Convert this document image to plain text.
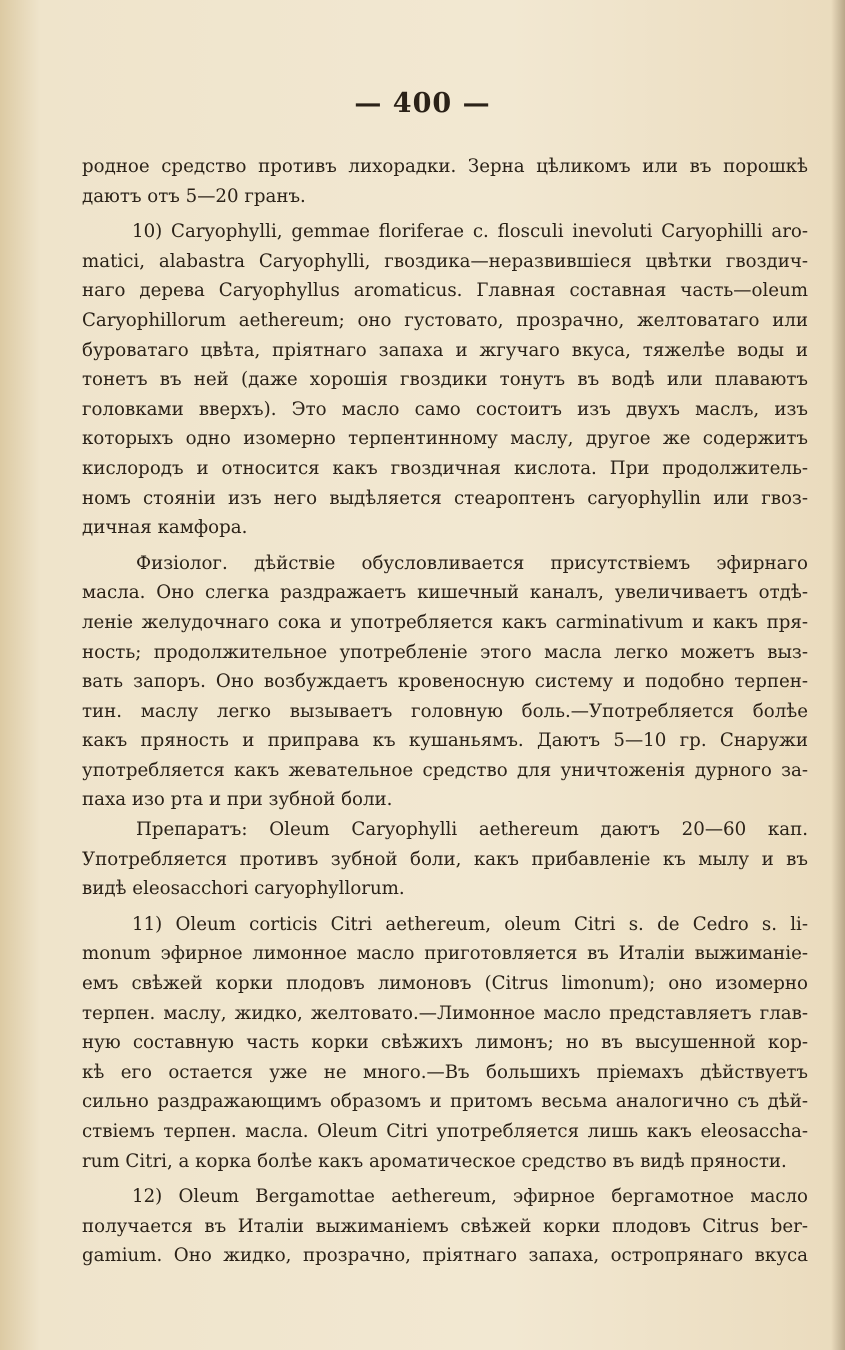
— 400 —
родное средство противъ лихорадки. Зерна цѣликомъ или въ порошкѣ
даютъ отъ 5—20 гранъ.
10) Caryophylli, gemmae floriferae c. flosculi inevoluti Caryophilli aro-
matici, alabastra Caryophylli, гвоздика—неразвившіеся цвѣтки гвоздич-
наго дерева Caryophyllus aromaticus. Главная составная часть—oleum
Caryophillorum aethereum; оно густовато, прозрачно, желтоватаго или
буроватаго цвѣта, пріятнаго запаха и жгучаго вкуса, тяжелѣе воды и
тонетъ въ ней (даже хорошія гвоздики тонутъ въ водѣ или плаваютъ
головками вверхъ). Это масло само состоитъ изъ двухъ маслъ, изъ
которыхъ одно изомерно терпентинному маслу, другое же содержитъ
кислородъ и относится какъ гвоздичная кислота. При продолжитель-
номъ стояніи изъ него выдѣляется стеароптенъ caryophyllin или гвоз-
дичная камфора.
Физіолог. дѣйствіе обусловливается присутствіемъ эфирнаго
масла. Оно слегка раздражаетъ кишечный каналъ, увеличиваетъ отдѣ-
леніе желудочнаго сока и употребляется какъ carminativum и какъ пря-
ность; продолжительное употребленіе этого масла легко можетъ выз-
вать запоръ. Оно возбуждаетъ кровеносную систему и подобно терпен-
тин. маслу легко вызываетъ головную боль.—Употребляется болѣе
какъ пряность и приправа къ кушаньямъ. Даютъ 5—10 гр. Снаружи
употребляется какъ жевательное средство для уничтоженія дурного за-
паха изо рта и при зубной боли.
Препаратъ: Oleum Caryophylli aethereum даютъ 20—60 кап.
Употребляется противъ зубной боли, какъ прибавленіе къ мылу и въ
видѣ eleosacchori caryophyllorum.
11) Oleum corticis Citri aethereum, oleum Citri s. de Cedro s. li-
monum эфирное лимонное масло приготовляется въ Италіи выжиманіе-
емъ свѣжей корки плодовъ лимоновъ (Citrus limonum); оно изомерно
терпен. маслу, жидко, желтовато.—Лимонное масло представляетъ глав-
ную составную часть корки свѣжихъ лимонъ; но въ высушенной кор-
кѣ его остается уже не много.—Въ большихъ пріемахъ дѣйствуетъ
сильно раздражающимъ образомъ и притомъ весьма аналогично съ дѣй-
ствіемъ терпен. масла. Oleum Citri употребляется лишь какъ eleosaccha-
rum Citri, а корка болѣе какъ ароматическое средство въ видѣ пряности.
12) Oleum Bergamottae aethereum, эфирное бергамотное масло
получается въ Италіи выжиманіемъ свѣжей корки плодовъ Citrus ber-
gamium. Оно жидко, прозрачно, пріятнаго запаха, остропрянаго вкуса
